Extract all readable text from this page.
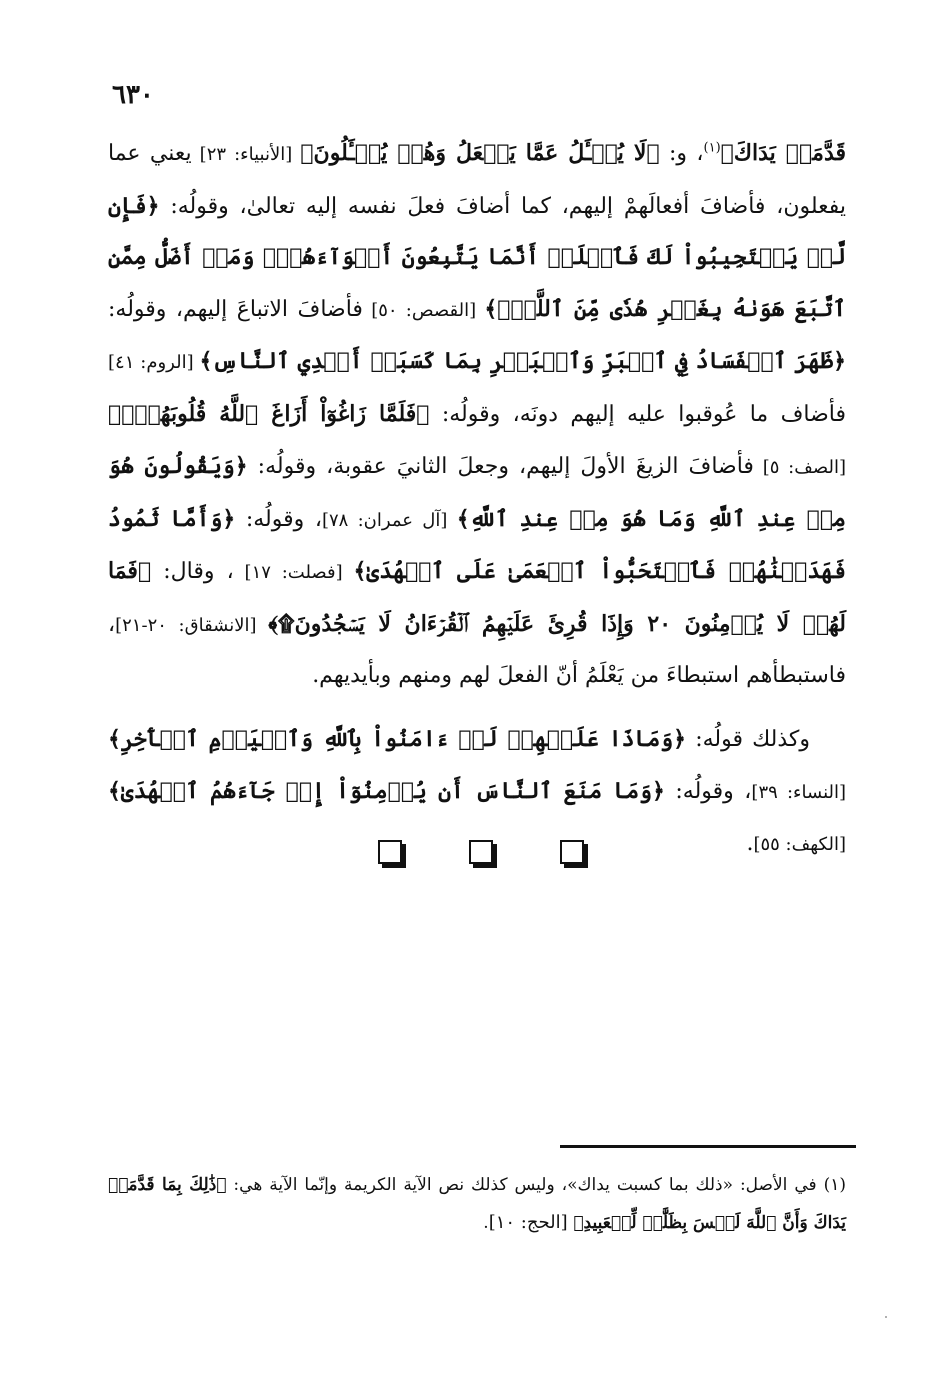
٦٣٠

قَدَّمَتۡ يَدَاكَ﴾$^{(١)}$، و: ﴿لَا يُسۡـَٔلُ عَمَّا يَفۡعَلُ وَهُمۡ يُسۡـَٔلُونَ﴾ [الأنبياء: ٢٣] يعني عما يفعلون، فأضافَ أفعالَهمْ إليهم، كما أضافَ فعلَ نفسه إليه تعالىٰ، وقولُه: ﴿فَإِن لَّمۡ يَسۡتَجِيبُواْ لَكَ فَٱعۡلَمۡ أَنَّمَا يَتَّبِعُونَ أَهۡوَآءَهُمۡۚ وَمَنۡ أَضَلُّ مِمَّنِ ٱتَّبَعَ هَوَىٰهُ بِغَيۡرِ هُدٗى مِّنَ ٱللَّهِۚ﴾ [القصص: ٥٠] فأضافَ الاتباعَ إليهم، وقولُه: ﴿ظَهَرَ ٱلۡفَسَادُ فِي ٱلۡبَرِّ وَٱلۡبَحۡرِ بِمَا كَسَبَتۡ أَيۡدِي ٱلنَّاسِ﴾ [الروم: ٤١] فأضاف ما عُوقبوا عليه إليهم دونَه، وقولُه: ﴿فَلَمَّا زَاغُوٓاْ أَزَاغَ ٱللَّهُ قُلُوبَهُمۡۚ﴾ [الصف: ٥] فأضافَ الزيغَ الأولَ إليهم، وجعلَ الثانيَ عقوبة، وقولُه: ﴿وَيَقُولُونَ هُوَ مِنۡ عِندِ ٱللَّهِ وَمَا هُوَ مِنۡ عِندِ ٱللَّهِ﴾ [آل عمران: ٧٨]، وقولُه: ﴿وَأَمَّا ثَمُودُ فَهَدَيۡنَٰهُمۡ فَٱسۡتَحَبُّواْ ٱلۡعَمَىٰ عَلَى ٱلۡهُدَىٰ﴾ [فصلت: ١٧] ، وقال: ﴿فَمَا لَهُمۡ لَا يُؤۡمِنُونَ ٢٠ وَإِذَا قُرِئَ عَلَيۡهِمُ ٱلۡقُرۡءَانُ لَا يَسۡجُدُونَ۩﴾ [الانشقاق: ٢٠-٢١]، فاستبطأهم استبطاءَ من يَعْلَمُ أنّ الفعلَ لهم ومنهم وبأيديهم.

وكذلك قولُه: ﴿وَمَاذَا عَلَيۡهِمۡ لَوۡ ءَامَنُواْ بِٱللَّهِ وَٱلۡيَوۡمِ ٱلۡأٓخِرِ﴾ [النساء: ٣٩]، وقولُه: ﴿وَمَا مَنَعَ ٱلنَّاسَ أَن يُؤۡمِنُوٓاْ إِذۡ جَآءَهُمُ ٱلۡهُدَىٰ﴾ [الكهف: ٥٥].

(١) في الأصل: «ذلك بما كسبت يداك»، وليس كذلك نص الآية الكريمة وإنّما الآية هي: ﴿ذَٰلِكَ بِمَا قَدَّمَتۡ يَدَاكَ وَأَنَّ ٱللَّهَ لَيۡسَ بِظَلَّٰمٖ لِّلۡعَبِيدِ﴾ [الحج: ١٠].
